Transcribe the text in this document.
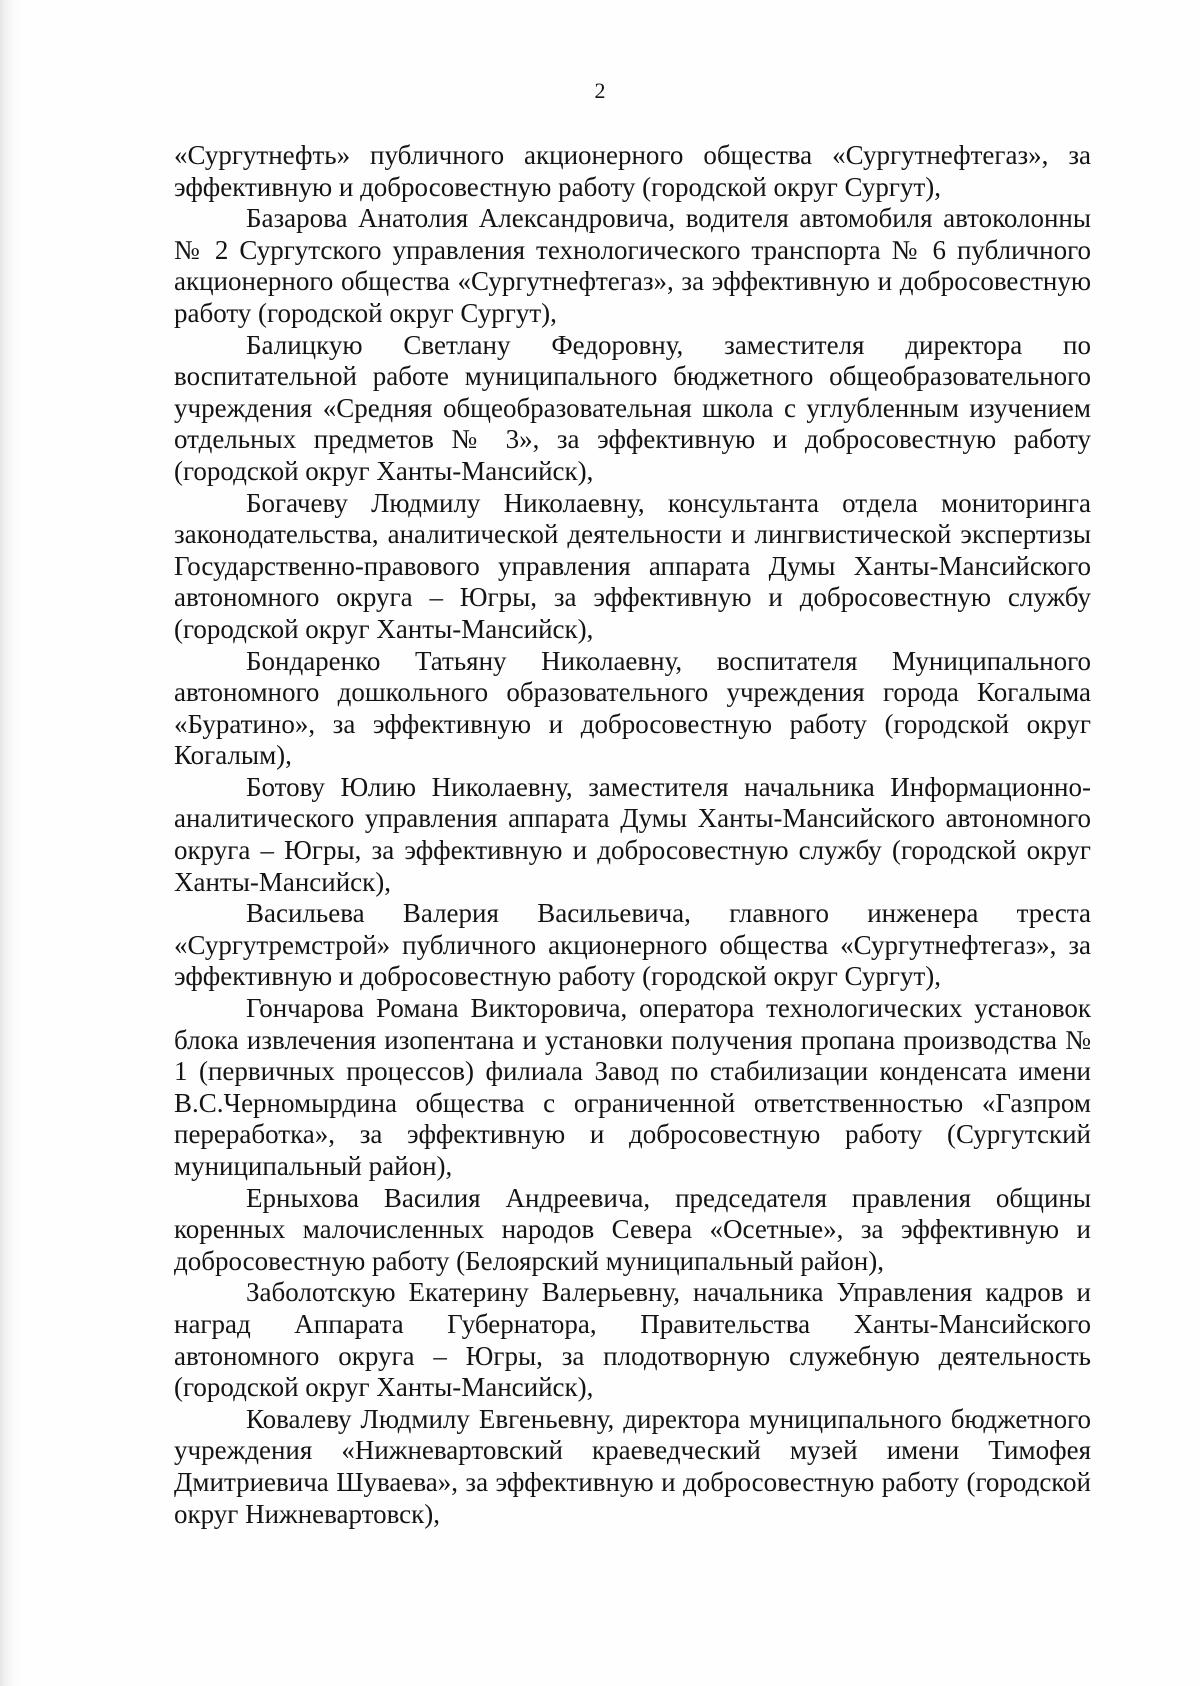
2

«Сургутнефть» публичного акционерного общества «Сургутнефтегаз», за эффективную и добросовестную работу (городской округ Сургут),

Базарова Анатолия Александровича, водителя автомобиля автоколонны № 2 Сургутского управления технологического транспорта № 6 публичного акционерного общества «Сургутнефтегаз», за эффективную и добросовестную работу (городской округ Сургут),

Балицкую Светлану Федоровну, заместителя директора по воспитательной работе муниципального бюджетного общеобразовательного учреждения «Средняя общеобразовательная школа с углубленным изучением отдельных предметов № 3», за эффективную и добросовестную работу (городской округ Ханты-Мансийск),

Богачеву Людмилу Николаевну, консультанта отдела мониторинга законодательства, аналитической деятельности и лингвистической экспертизы Государственно-правового управления аппарата Думы Ханты-Мансийского автономного округа – Югры, за эффективную и добросовестную службу (городской округ Ханты-Мансийск),

Бондаренко Татьяну Николаевну, воспитателя Муниципального автономного дошкольного образовательного учреждения города Когалыма «Буратино», за эффективную и добросовестную работу (городской округ Когалым),

Ботову Юлию Николаевну, заместителя начальника Информационно-аналитического управления аппарата Думы Ханты-Мансийского автономного округа – Югры, за эффективную и добросовестную службу (городской округ Ханты-Мансийск),

Васильева Валерия Васильевича, главного инженера треста «Сургутремстрой» публичного акционерного общества «Сургутнефтегаз», за эффективную и добросовестную работу (городской округ Сургут),

Гончарова Романа Викторовича, оператора технологических установок блока извлечения изопентана и установки получения пропана производства № 1 (первичных процессов) филиала Завод по стабилизации конденсата имени В.С.Черномырдина общества с ограниченной ответственностью «Газпром переработка», за эффективную и добросовестную работу (Сургутский муниципальный район),

Ерныхова Василия Андреевича, председателя правления общины коренных малочисленных народов Севера «Осетные», за эффективную и добросовестную работу (Белоярский муниципальный район),

Заболотскую Екатерину Валерьевну, начальника Управления кадров и наград Аппарата Губернатора, Правительства Ханты-Мансийского автономного округа – Югры, за плодотворную служебную деятельность (городской округ Ханты-Мансийск),

Ковалеву Людмилу Евгеньевну, директора муниципального бюджетного учреждения «Нижневартовский краеведческий музей имени Тимофея Дмитриевича Шуваева», за эффективную и добросовестную работу (городской округ Нижневартовск),
